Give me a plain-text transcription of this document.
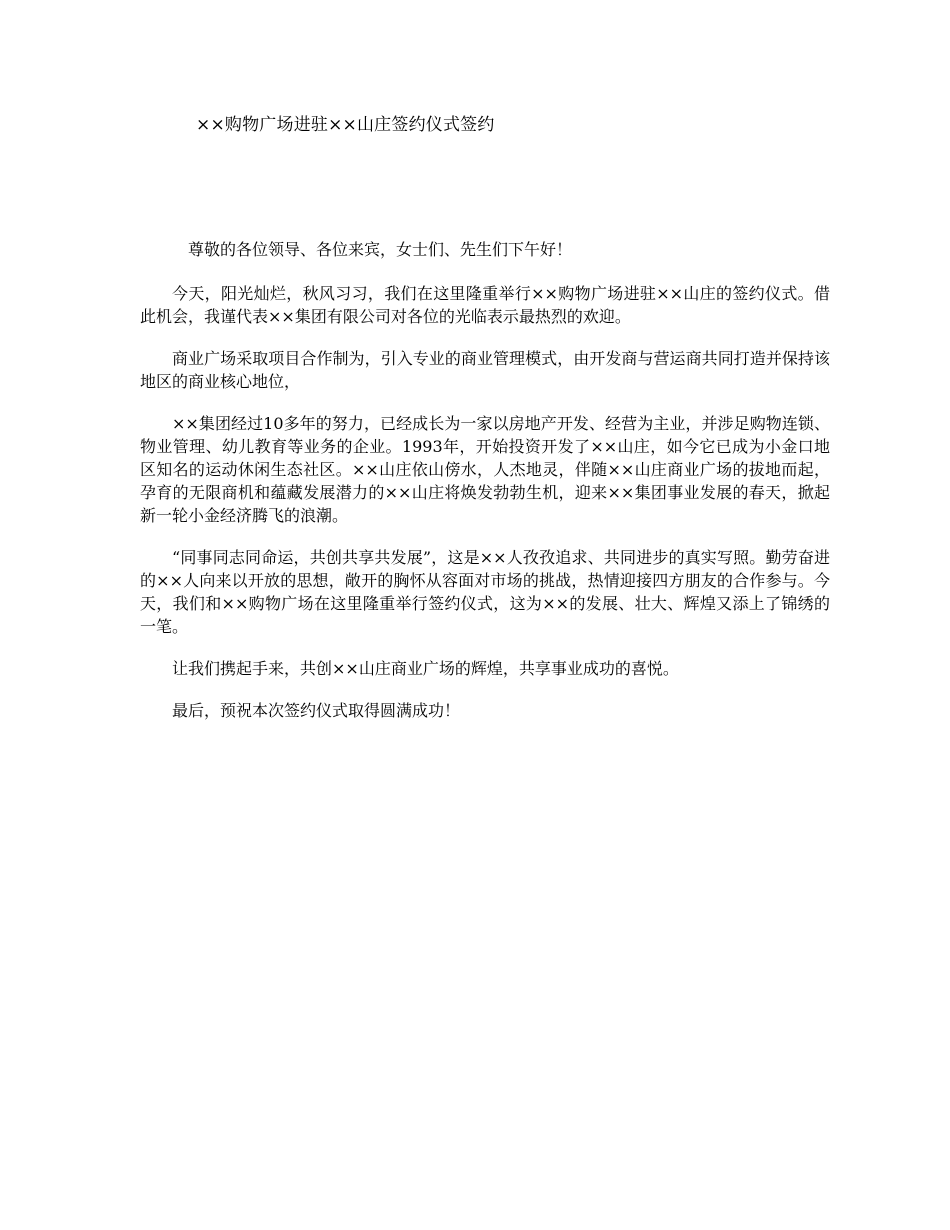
××购物广场进驻××山庄签约仪式签约

尊敬的各位领导、各位来宾，女士们、先生们下午好！

今天，阳光灿烂，秋风习习，我们在这里隆重举行××购物广场进驻××山庄的签约仪式。借此机会，我谨代表××集团有限公司对各位的光临表示最热烈的欢迎。

商业广场采取项目合作制为，引入专业的商业管理模式，由开发商与营运商共同打造并保持该地区的商业核心地位，

××集团经过10多年的努力，已经成长为一家以房地产开发、经营为主业，并涉足购物连锁、物业管理、幼儿教育等业务的企业。1993年，开始投资开发了××山庄，如今它已成为小金口地区知名的运动休闲生态社区。××山庄依山傍水，人杰地灵，伴随××山庄商业广场的拔地而起，孕育的无限商机和蕴藏发展潜力的××山庄将焕发勃勃生机，迎来××集团事业发展的春天，掀起新一轮小金经济腾飞的浪潮。

“同事同志同命运，共创共享共发展”，这是××人孜孜追求、共同进步的真实写照。勤劳奋进的××人向来以开放的思想，敞开的胸怀从容面对市场的挑战，热情迎接四方朋友的合作参与。今天，我们和××购物广场在这里隆重举行签约仪式，这为××的发展、壮大、辉煌又添上了锦绣的一笔。

让我们携起手来，共创××山庄商业广场的辉煌，共享事业成功的喜悦。

最后，预祝本次签约仪式取得圆满成功！
